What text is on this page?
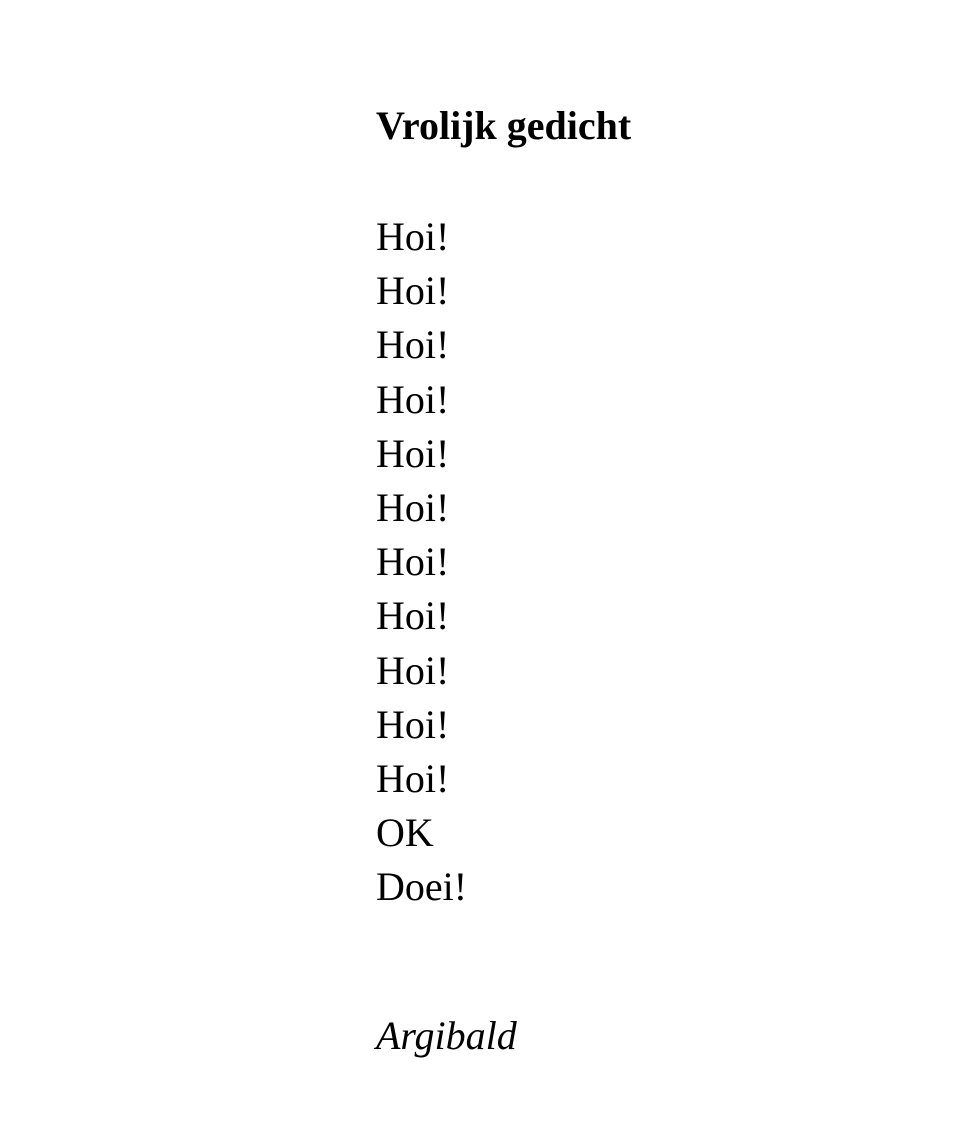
Vrolijk gedicht
Hoi!
Hoi!
Hoi!
Hoi!
Hoi!
Hoi!
Hoi!
Hoi!
Hoi!
Hoi!
Hoi!
OK
Doei!
Argibald
